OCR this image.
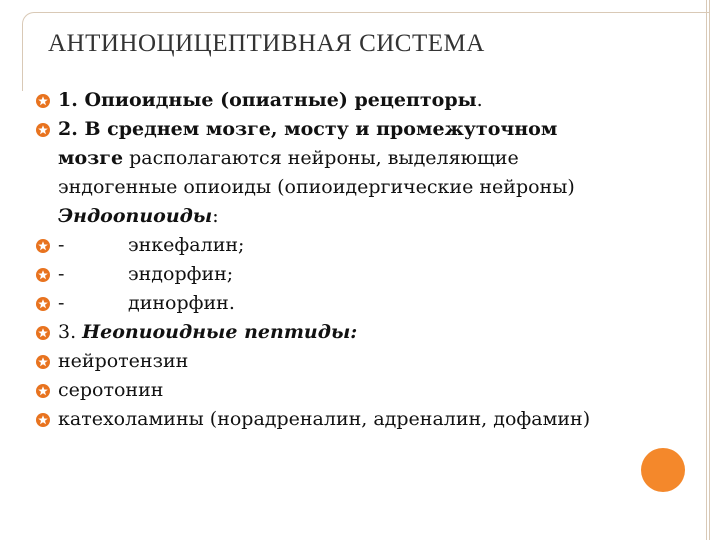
АНТИНОЦИЦЕПТИВНАЯ СИСТЕМА
1. Опиоидные (опиатные) рецепторы.
2. В среднем мозге, мосту и промежуточном
мозге располагаются нейроны, выделяющие
эндогенные опиоиды (опиоидергические нейроны)
Эндоопиоиды:
-	энкефалин;
-	эндорфин;
-	динорфин.
3. Неопиоидные пептиды:
нейротензин
серотонин
катехоламины (норадреналин, адреналин, дофамин)
